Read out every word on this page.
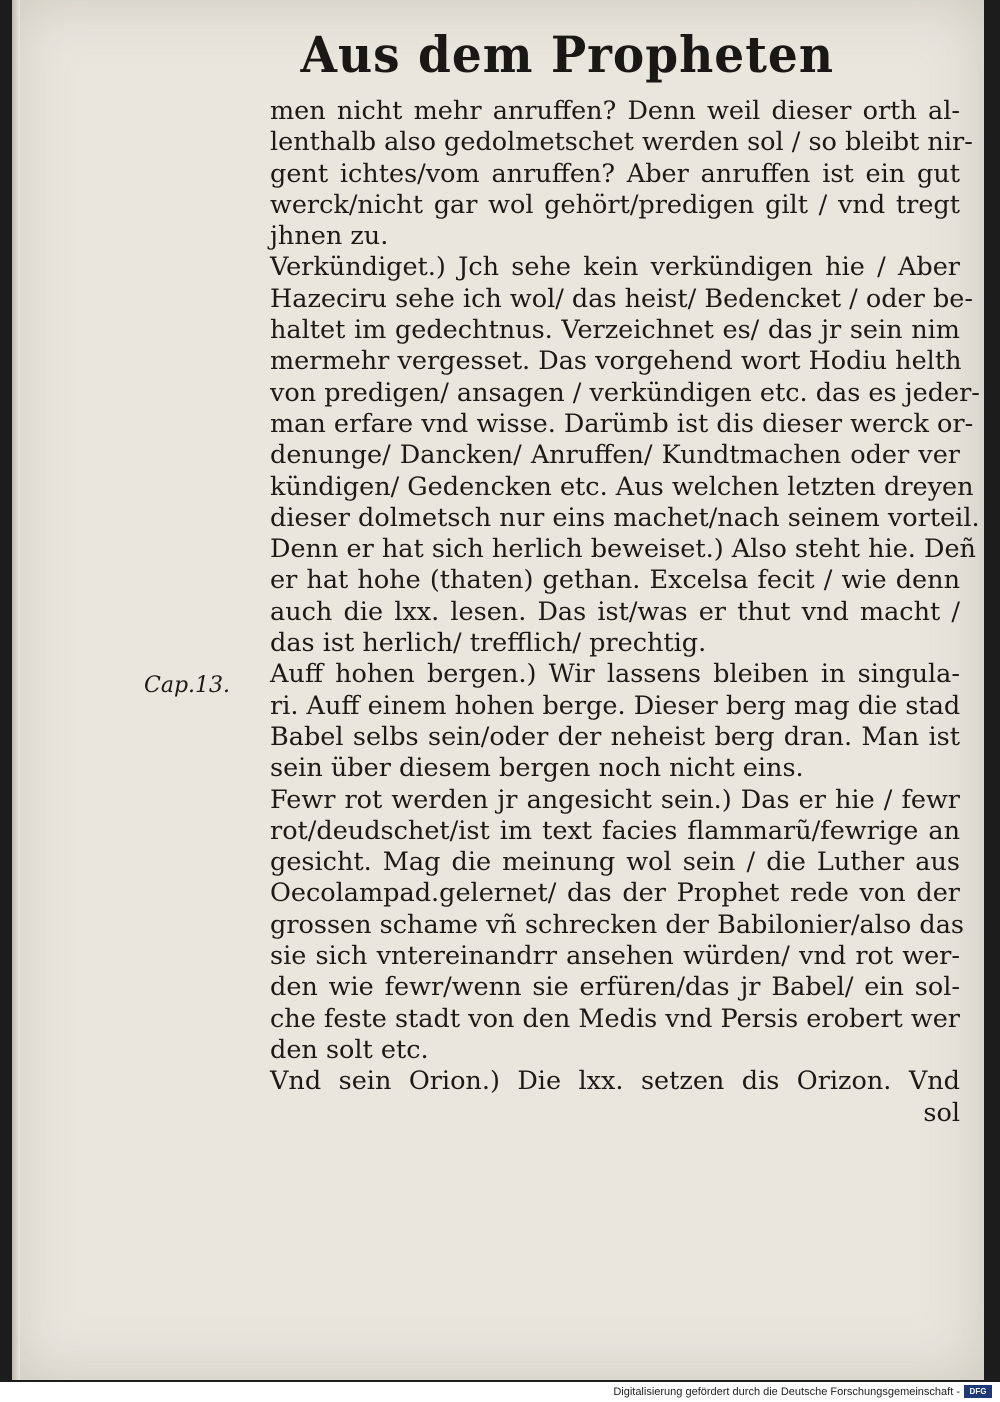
Aus dem Propheten
Cap.13.
men nicht mehr anruffen? Denn weil dieser orth al-
lenthalb also gedolmetschet werden sol / so bleibt nir-
gent ichtes/vom anruffen? Aber anruffen ist ein gut
werck/nicht gar wol gehört/predigen gilt / vnd tregt
jhnen zu.
Verkündiget.) Jch sehe kein verkündigen hie / Aber
Hazeciru sehe ich wol/ das heist/ Bedencket / oder be-
haltet im gedechtnus. Verzeichnet es/ das jr sein nim
mermehr vergesset. Das vorgehend wort Hodiu helth
von predigen/ ansagen / verkündigen etc. das es jeder-
man erfare vnd wisse. Darümb ist dis dieser werck or-
denunge/ Dancken/ Anruffen/ Kundtmachen oder ver
kündigen/ Gedencken etc. Aus welchen letzten dreyen
dieser dolmetsch nur eins machet/nach seinem vorteil.
Denn er hat sich herlich beweiset.) Also steht hie. Deñ
er hat hohe (thaten) gethan. Excelsa fecit / wie denn
auch die lxx. lesen. Das ist/was er thut vnd macht /
das ist herlich/ trefflich/ prechtig.
Auff hohen bergen.) Wir lassens bleiben in singula-
ri. Auff einem hohen berge. Dieser berg mag die stad
Babel selbs sein/oder der neheist berg dran. Man ist
sein über diesem bergen noch nicht eins.
Fewr rot werden jr angesicht sein.) Das er hie / fewr
rot/deudschet/ist im text facies flammarũ/fewrige an
gesicht. Mag die meinung wol sein / die Luther aus
Oecolampad.gelernet/ das der Prophet rede von der
grossen schame vñ schrecken der Babilonier/also das
sie sich vntereinandrr ansehen würden/ vnd rot wer-
den wie fewr/wenn sie erfüren/das jr Babel/ ein sol-
che feste stadt von den Medis vnd Persis erobert wer
den solt etc.
Vnd sein Orion.) Die lxx. setzen dis Orizon. Vnd
sol
Digitalisierung gefördert durch die Deutsche Forschungsgemeinschaft -	DFG
